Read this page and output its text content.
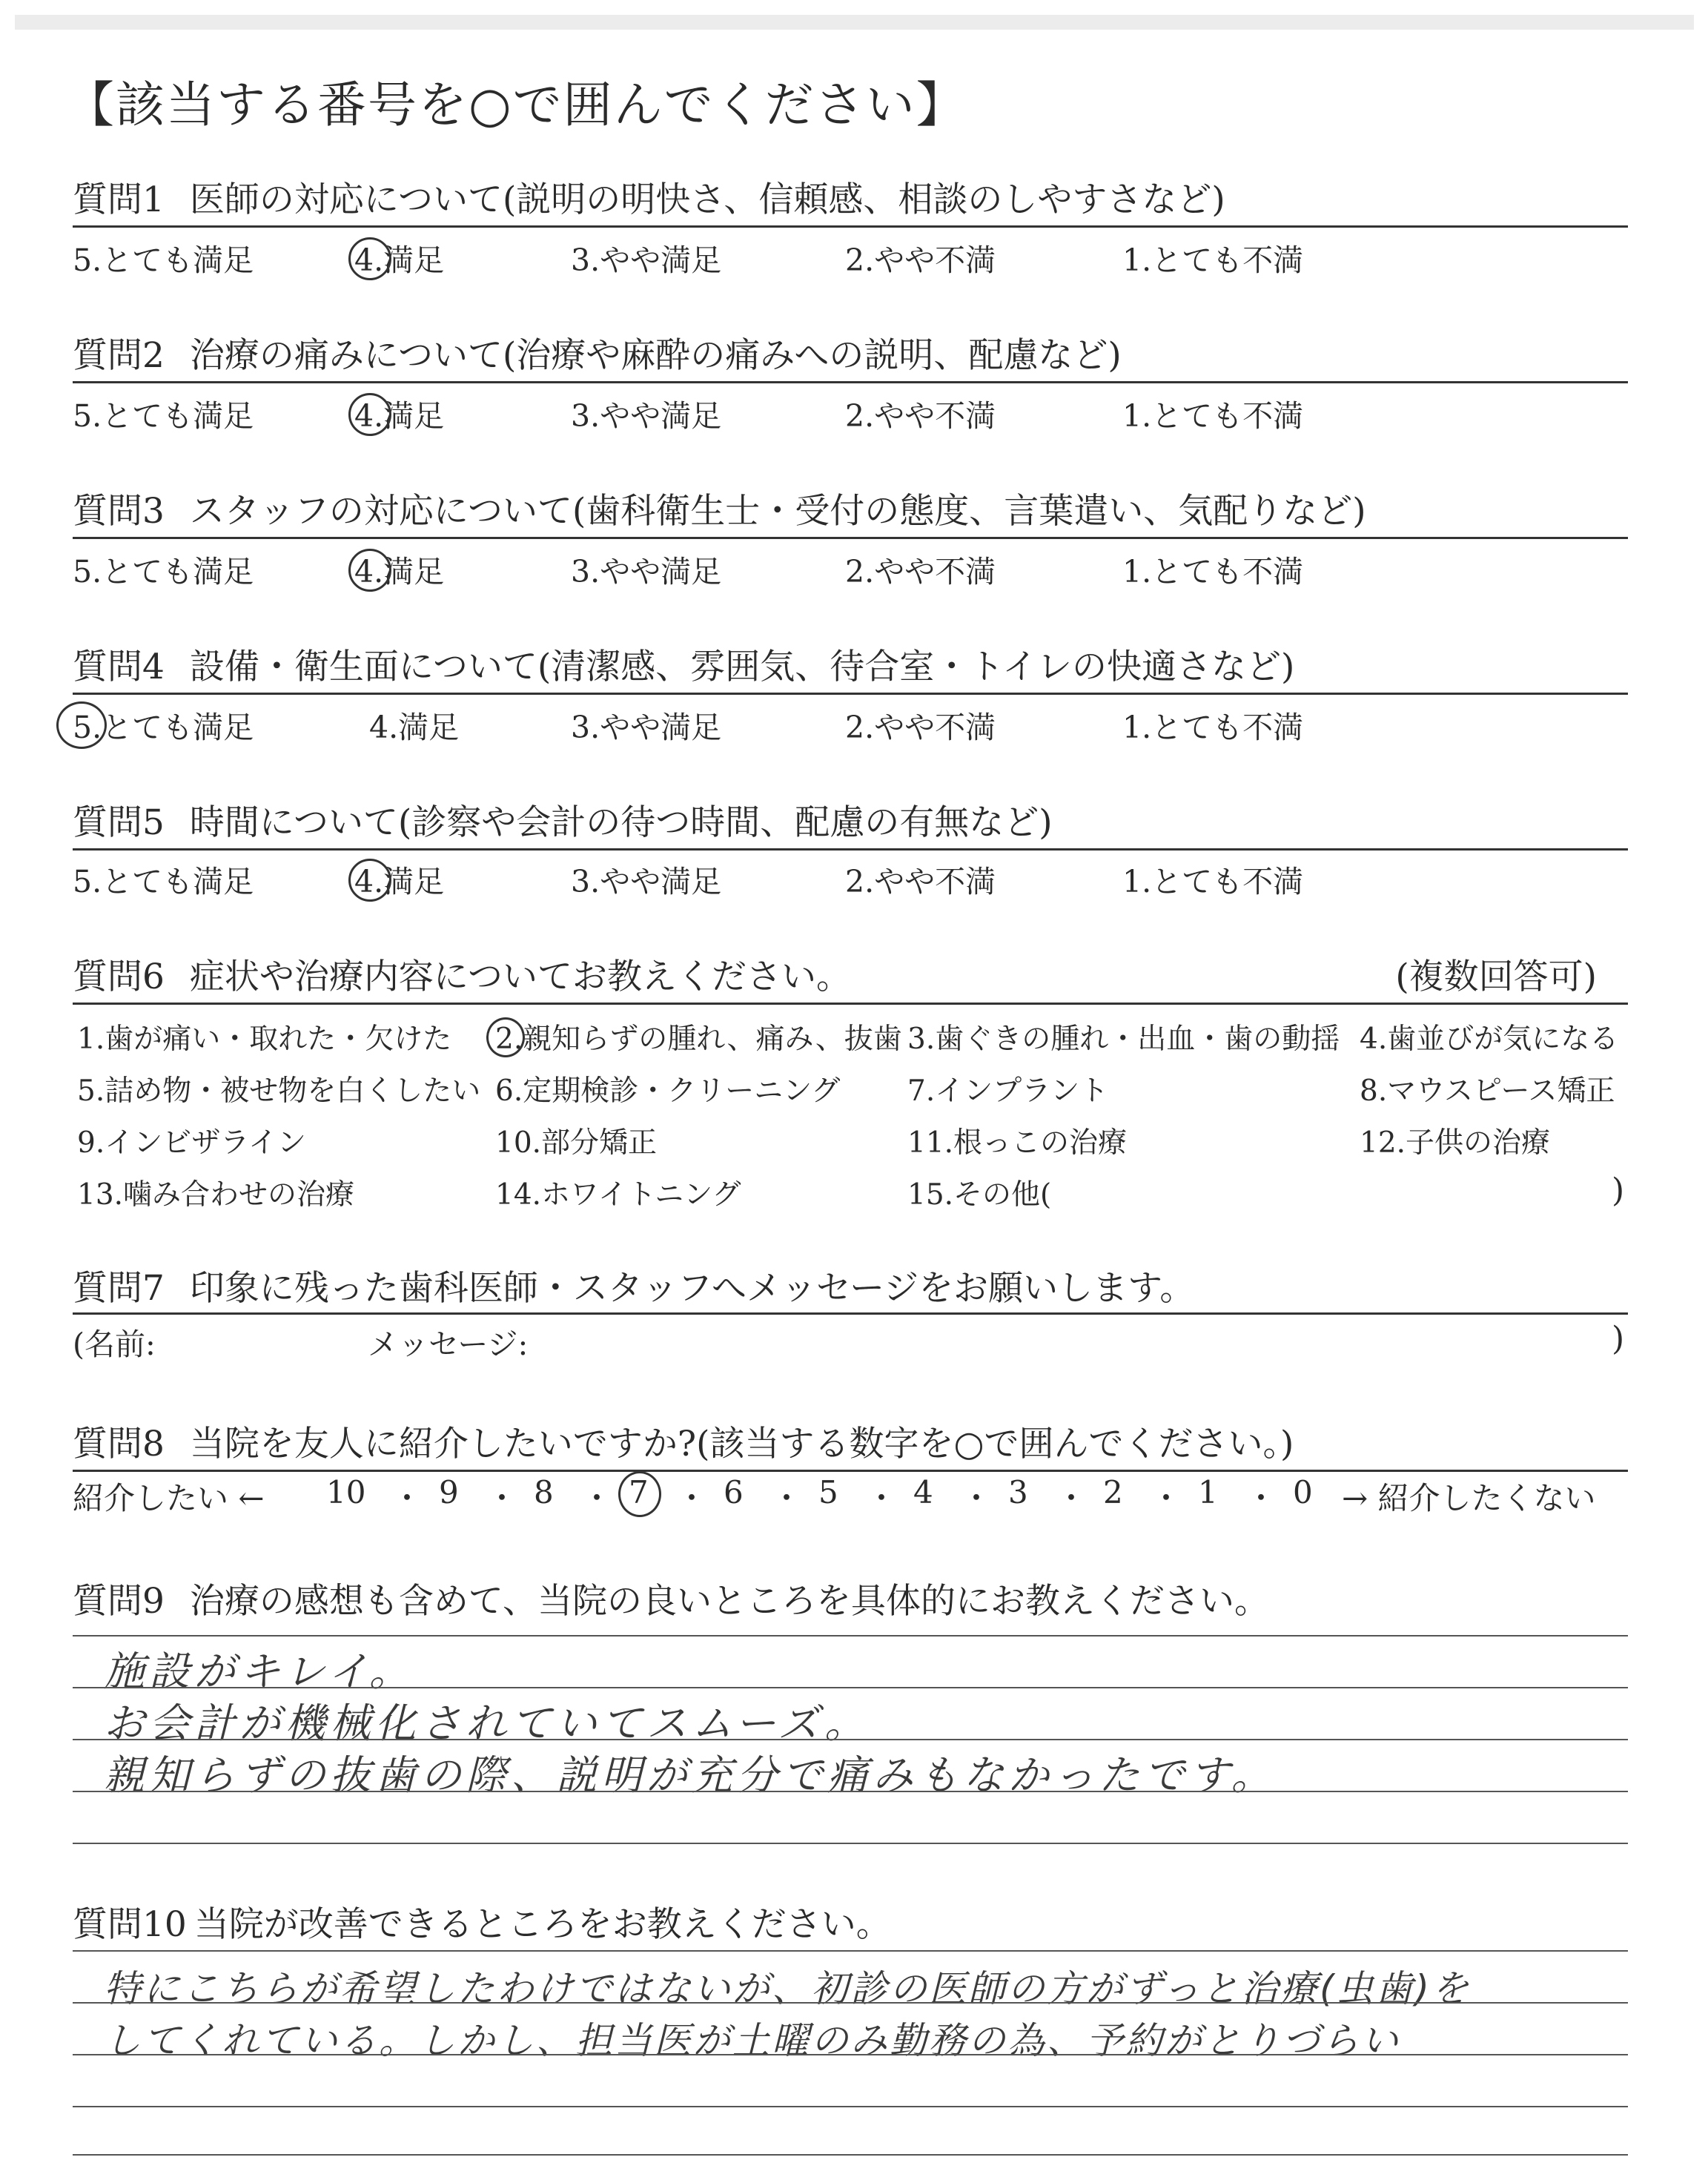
【該当する番号を○で囲んでください】
質問1 医師の対応について(説明の明快さ、信頼感、相談のしやすさなど)
5.とても満足	4.満足	3.やや満足	2.やや不満	1.とても不満
質問2 治療の痛みについて(治療や麻酔の痛みへの説明、配慮など)
5.とても満足	4.満足	3.やや満足	2.やや不満	1.とても不満
質問3 スタッフの対応について(歯科衛生士・受付の態度、言葉遣い、気配りなど)
5.とても満足	4.満足	3.やや満足	2.やや不満	1.とても不満
質問4 設備・衛生面について(清潔感、雰囲気、待合室・トイレの快適さなど)
5.とても満足	4.満足	3.やや満足	2.やや不満	1.とても不満
質問5 時間について(診察や会計の待つ時間、配慮の有無など)
5.とても満足	4.満足	3.やや満足	2.やや不満	1.とても不満
質問6 症状や治療内容についてお教えください。	(複数回答可)
1.歯が痛い・取れた・欠けた 2.親知らずの腫れ、痛み、抜歯 3.歯ぐきの腫れ・出血・歯の動揺 4.歯並びが気になる
5.詰め物・被せ物を白くしたい 6.定期検診・クリーニング 7.インプラント	8.マウスピース矯正
9.インビザライン	10.部分矯正	11.根っこの治療	12.子供の治療
13.噛み合わせの治療	14.ホワイトニング	15.その他(	)
質問7 印象に残った歯科医師・スタッフへメッセージをお願いします。
(名前:	メッセージ:	)
質問8 当院を友人に紹介したいですか?(該当する数字を○で囲んでください。)
紹介したい ← 10 ・ 9 ・ 8 ・ 7 ・ 6 ・ 5 ・ 4 ・ 3 ・ 2 ・ 1 ・ 0 → 紹介したくない
質問9 治療の感想も含めて、当院の良いところを具体的にお教えください。
施設がキレイ。
お会計が機械化されていてスムーズ。
親知らずの抜歯の際、説明が充分で痛みもなかったです。
質問10 当院が改善できるところをお教えください。
特にこちらが希望したわけではないが、初診の医師の方がずっと治療(虫歯)を
してくれている。しかし、担当医が土曜のみ勤務の為、予約がとりづらい
